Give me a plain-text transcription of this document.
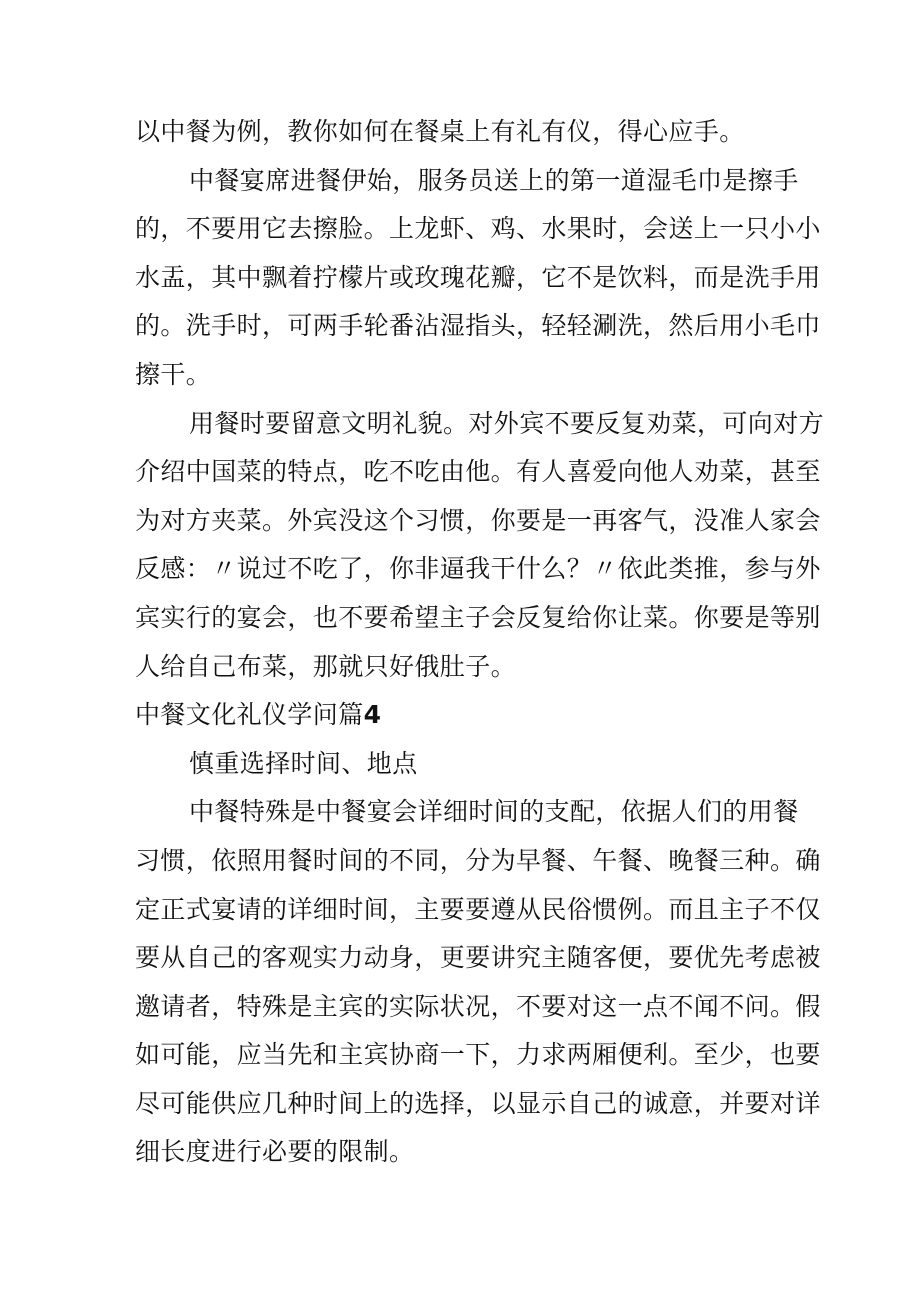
以中餐为例，教你如何在餐桌上有礼有仪，得心应手。
中餐宴席进餐伊始，服务员送上的第一道湿毛巾是擦手
的，不要用它去擦脸。上龙虾、鸡、水果时，会送上一只小小
水盂，其中飘着拧檬片或玫瑰花瓣，它不是饮料，而是洗手用
的。洗手时，可两手轮番沾湿指头，轻轻涮洗，然后用小毛巾
擦干。
用餐时要留意文明礼貌。对外宾不要反复劝菜，可向对方
介绍中国菜的特点，吃不吃由他。有人喜爱向他人劝菜，甚至
为对方夹菜。外宾没这个习惯，你要是一再客气，没准人家会
反感：〃说过不吃了，你非逼我干什么？〃依此类推，参与外
宾实行的宴会，也不要希望主子会反复给你让菜。你要是等别
人给自己布菜，那就只好俄肚子。
中餐文化礼仪学问篇4
慎重选择时间、地点
中餐特殊是中餐宴会详细时间的支配，依据人们的用餐
习惯，依照用餐时间的不同，分为早餐、午餐、晚餐三种。确
定正式宴请的详细时间，主要要遵从民俗惯例。而且主子不仅
要从自己的客观实力动身，更要讲究主随客便，要优先考虑被
邀请者，特殊是主宾的实际状况，不要对这一点不闻不问。假
如可能，应当先和主宾协商一下，力求两厢便利。至少，也要
尽可能供应几种时间上的选择，以显示自己的诚意，并要对详
细长度进行必要的限制。
